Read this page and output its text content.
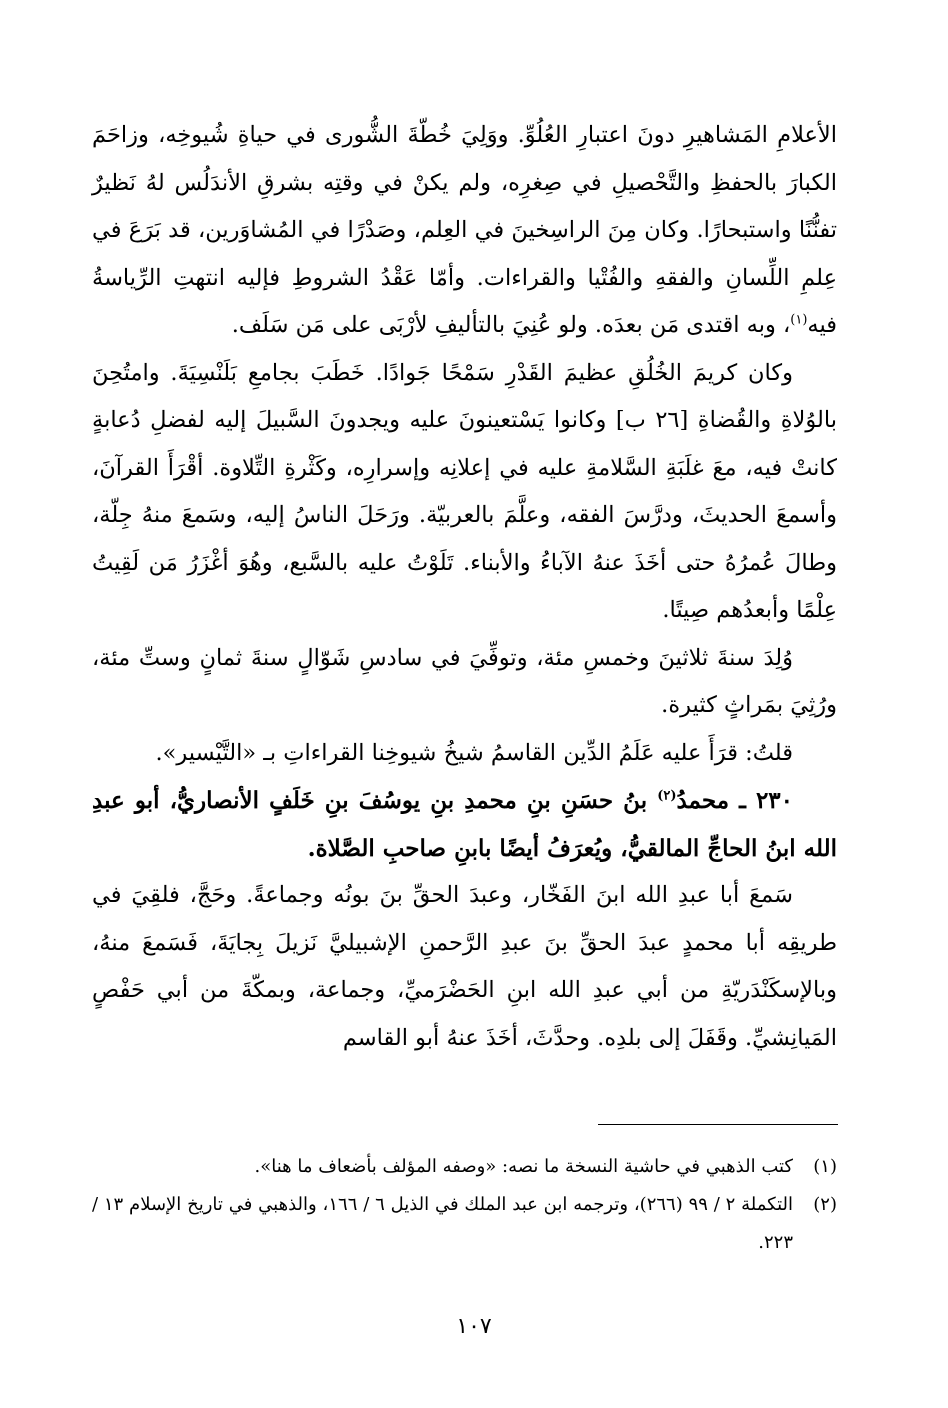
الأعلامِ المَشاهيرِ دونَ اعتبارِ العُلُوِّ. ووَلِيَ خُطّةَ الشُّورى في حياةِ شُيوخِه، وزاحَمَ الكبارَ بالحفظِ والتَّحْصيلِ في صِغرِه، ولم يكنْ في وقتِه بشرقِ الأندَلُس لهُ نَظيرٌ تفنُّنًا واستبحارًا. وكان مِنَ الراسِخينَ في العِلم، وصَدْرًا في المُشاوَرين، قد بَرَعَ في عِلمِ اللِّسانِ والفقهِ والفُتْيا والقراءات. وأمّا عَقْدُ الشروطِ فإليه انتهتِ الرِّياسةُ فيه$^{(١)}$، وبه اقتدى مَن بعدَه. ولو عُنِيَ بالتأليفِ لأرْبَى على مَن سَلَف.

وكان كريمَ الخُلُقِ عظيمَ القَدْرِ سَمْحًا جَوادًا. خَطَبَ بجامعِ بَلَنْسِيَةَ. وامتُحِنَ بالوُلاةِ والقُضاةِ [٢٦ ب] وكانوا يَسْتعينونَ عليه ويجدونَ السَّبيلَ إليه لفضلِ دُعابةٍ كانتْ فيه، معَ غلَبَةِ السَّلامةِ عليه في إعلانِه وإسرارِه، وكَثْرةِ التِّلاوة. أقْرَأَ القرآنَ، وأسمعَ الحديثَ، ودرَّسَ الفقه، وعلَّمَ بالعربيّة. ورَحَلَ الناسُ إليه، وسَمعَ منهُ جِلّة، وطالَ عُمرُهُ حتى أخَذَ عنهُ الآباءُ والأبناء. تَلَوْتُ عليه بالسَّبع، وهُوَ أغْزَرُ مَن لَقِيتُ عِلْمًا وأبعدُهم صِيتًا.

وُلِدَ سنةَ ثلاثينَ وخمسِ مئة، وتوفِّيَ في سادسِ شَوّالٍ سنةَ ثمانٍ وستِّ مئة، ورُثِيَ بمَراثٍ كثيرة.

قلتُ: قرَأَ عليه عَلَمُ الدِّين القاسمُ شيخُ شيوخِنا القراءاتِ بـ «التَّيْسير».

٢٣٠ ـ محمدُ$^{(٢)}$ بنُ حسَنِ بنِ محمدِ بنِ يوسُفَ بنِ خَلَفٍ الأنصاريُّ، أبو عبدِ الله ابنُ الحاجِّ المالقيُّ، ويُعرَفُ أيضًا بابنِ صاحبِ الصَّلاة.

سَمعَ أبا عبدِ الله ابنَ الفَخّار، وعبدَ الحقِّ بنَ بونُه وجماعةً. وحَجَّ، فلقِيَ في طريقِه أبا محمدٍ عبدَ الحقِّ بنَ عبدِ الرَّحمنِ الإشبيليَّ نَزيلَ بِجايَةَ، فَسَمعَ منهُ، وبالإسكَنْدَريّةِ من أبي عبدِ الله ابنِ الحَضْرَميِّ، وجماعة، وبمكّةَ من أبي حَفْصٍ المَيانِشيِّ. وقَفَلَ إلى بلدِه. وحدَّثَ، أخَذَ عنهُ أبو القاسم

(١)
كتب الذهبي في حاشية النسخة ما نصه: «وصفه المؤلف بأضعاف ما هنا».
(٢)
التكملة ٢ / ٩٩ (٢٦٦)، وترجمه ابن عبد الملك في الذيل ٦ / ١٦٦، والذهبي في تاريخ الإسلام ١٣ / ٢٢٣.
١٠٧
